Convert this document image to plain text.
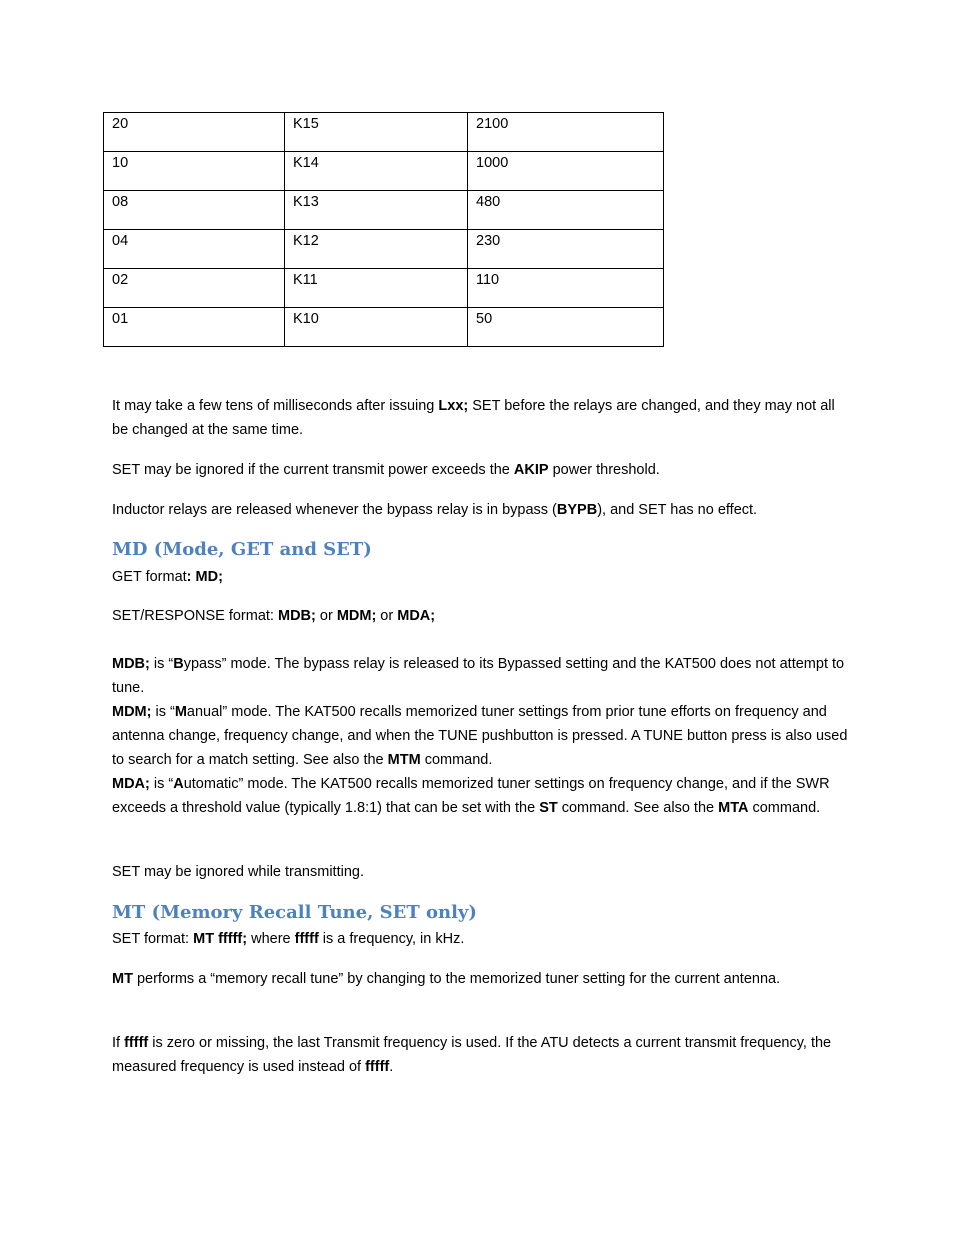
20	K15	2100
10	K14	1000
08	K13	480
04	K12	230
02	K11	110
01	K10	50

It may take a few tens of milliseconds after issuing Lxx; SET before the relays are changed, and they may not all be changed at the same time.

SET may be ignored if the current transmit power exceeds the AKIP power threshold.

Inductor relays are released whenever the bypass relay is in bypass (BYPB), and SET has no effect.

MD (Mode, GET and SET)

GET format: MD;

SET/RESPONSE format: MDB; or MDM; or MDA;

MDB; is “Bypass” mode. The bypass relay is released to its Bypassed setting and the KAT500 does not attempt to tune.

MDM; is “Manual” mode. The KAT500 recalls memorized tuner settings from prior tune efforts on frequency and antenna change, frequency change, and when the TUNE pushbutton is pressed. A TUNE button press is also used to search for a match setting. See also the MTM command.

MDA; is “Automatic” mode. The KAT500 recalls memorized tuner settings on frequency change, and if the SWR exceeds a threshold value (typically 1.8:1) that can be set with the ST command. See also the MTA command.

SET may be ignored while transmitting.

MT (Memory Recall Tune, SET only)

SET format: MT fffff; where fffff is a frequency, in kHz.

MT performs a “memory recall tune” by changing to the memorized tuner setting for the current antenna.

If fffff is zero or missing, the last Transmit frequency is used. If the ATU detects a current transmit frequency, the measured frequency is used instead of fffff.
